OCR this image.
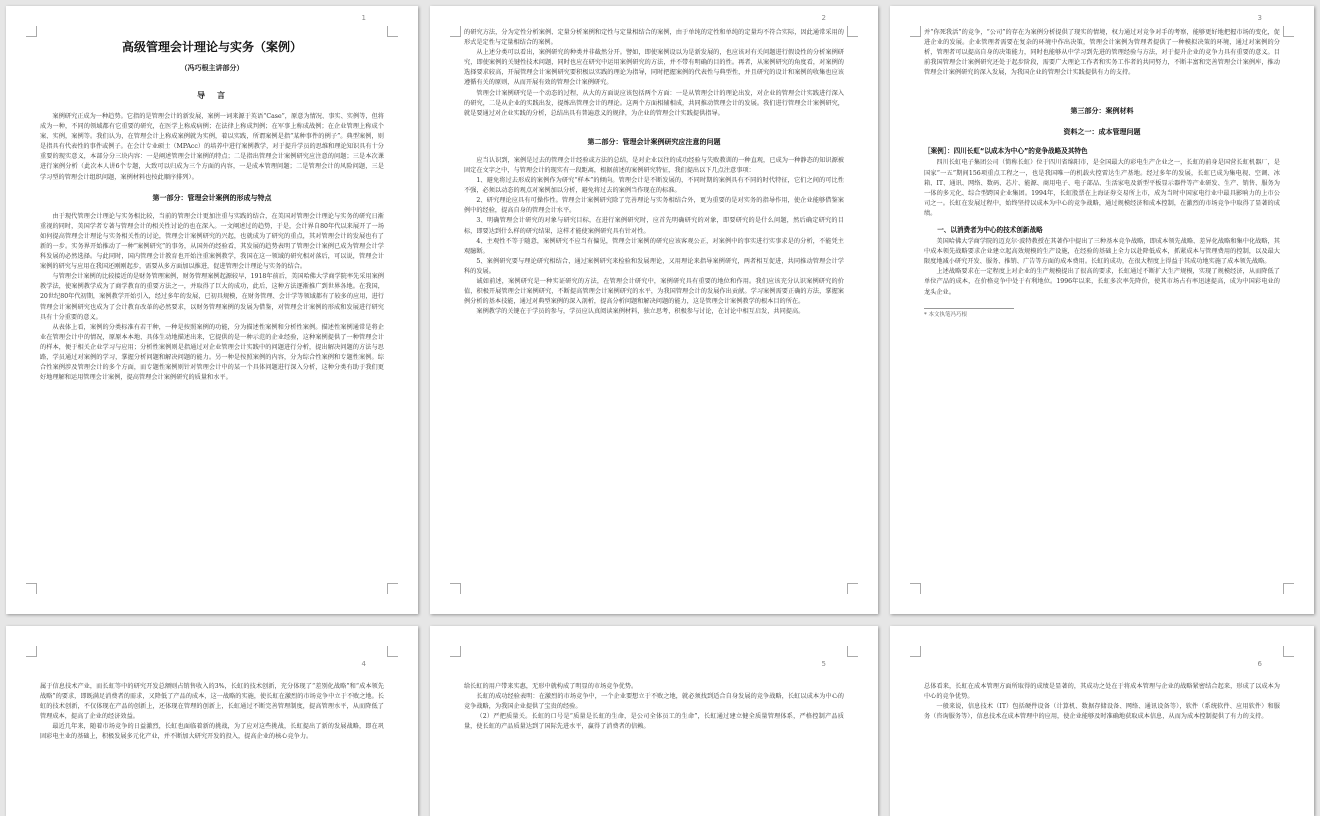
1
高级管理会计理论与实务（案例）
（冯巧根主讲部分）
导　言

案例研究正成为一种趋势。它指的是管理会计的新发展，案例一词来源于英语“Case”，原意为情况、事实、实例等，但将成为一种，不同的领域都有它重要的研究，在医学上称成病例；在法律上称成判例；在军事上称成战例；在企业管理上称成个案、实例，案例等。我们认为，在管理会计上称成案例就为实例，着以实践，所谓案例是指“某种事件的例子”。典型案例，则是指具有代表性的事件或例子。在会计专业硕士（MPAcc）的培养中进行案例教学，对于提升学员的思维和理论知识具有十分重要的现实意义，本部分分三块内容：一是阐述管理会计案例的特点；二是指出管理会计案例研究应注意的问题；三是本次课进行案例分析（此次本人讲6个专题，大致可以归成为三个方面的内容，一是成本管理问题；二是管理会计的风险问题，三是学习型的管理会计组织问题，案例材料也按此顺序排列）。

第一部分：管理会计案例的形成与特点

由于现代管理会计理论与实务相比较，当前的管理会计更加注重与实践的结合，在美国对管理会计理论与实务的研究日渐重视的同时，美国学者专著与管理会计的相关性讨论的也在深入。一文阐述过的趋势，于是，会计界自80年代以来展开了一场如何提高管理会计理论与实务相关性的讨论，管理会计案例研究的兴起，也就成为了研究的重点，其对管理会计的发展也有了新的一步。实务界开始推动了一种“案例研究”的事务，从国外的经验看，其发展的趋势表明了管理会计案例已成为管理会计学科发展的必然选择。与此同时，国内管理会计教育也开始注重案例教学，我国在这一领域的研究相对落后，可以说，管理会计案例的研究与应用在我国还刚刚起步，需要从多方面加以推进，促进管理会计理论与实务的结合。

与管理会计案例的比较接近的是财务管理案例，财务管理案例起源较早，1918年前后，美国哈佛大学商学院率先采用案例教学法，使案例教学成为了商学教育的重要方法之一，并取得了巨大的成功，此后，这种方法逐渐推广到世界各地。在我国，20世纪80年代初期，案例教学开始引入，经过多年的发展，已初具规模，在财务管理、会计学等领域都有了较多的应用，进行管理会计案例研究也成为了会计教育改革的必然要求，以财务管理案例的发展为借鉴，对管理会计案例的形成和发展进行研究具有十分重要的意义。

从表体上看，案例的分类标准有若干种，一种是按照案例的功能，分为描述性案例和分析性案例。描述性案例通常是将企业在管理会计中的情况，原原本本地、具体生动地描述出来，它提供的是一种示范的企业经验，这种案例提供了一种管理会计的样本，便于相关企业学习与应用；分析性案例则是指通过对企业管理会计实践中的问题进行分析，提出解决问题的方法与思路，学员通过对案例的学习，掌握分析问题和解决问题的能力。另一种是按照案例的内容，分为综合性案例和专题性案例。综合性案例涉及管理会计的多个方面，而专题性案例则针对管理会计中的某一个具体问题进行深入分析，这种分类有助于我们更好地理解和运用管理会计案例，提高管理会计案例研究的质量和水平。

2

的研究方法，分为定性分析案例、定量分析案例和定性与定量相结合的案例，由于单纯的定性和单纯的定量均不符合实际，因此通常采用的形式是定性与定量相结合的案例。

从上述分类可以看出，案例研究的种类并非截然分开。譬如，即使案例设以为是新发展的，也应该对有关问题进行假设性的分析案例研究，即使案例的关键性技术问题，同时也应在研究中运用案例研究的方法，并不带有明确的目的性。再者，从案例研究的角度看，对案例的选择要求较高，开展管理会计案例研究要积极以实践的理论为指导，同时把握案例的代表性与典型性，并且研究的设计和案例的收集也应该遵循有关的原则，从而开展有效的管理会计案例研究。

管理会计案例研究是一个动态的过程，从大的方面说应该包括两个方面：一是从管理会计的理论出发，对企业的管理会计实践进行深入的研究，二是从企业的实践出发，提炼出管理会计的理论。这两个方面相辅相成，共同推动管理会计的发展。我们进行管理会计案例研究，就是要通过对企业实践的分析，总结出具有普遍意义的规律，为企业的管理会计实践提供指导。

第二部分：管理会计案例研究应注意的问题

应当认识到，案例是过去的管理会计经验或方法的总结，是对企业以往的成功经验与失败教训的一种直观，已成为一种静态的知识源被固定在文字之中，与管理会计的现实有一段距离，根据前述的案例研究特征，我们提出以下几点注意事项：

1、避免将过去形成的案例作为研究“样本”的倾向。管理会计是不断发展的，不同时期的案例具有不同的时代特征，它们之间的可比性不强，必须以动态的观点对案例加以分析，避免将过去的案例当作现在的标准。

2、研究理论应具有可操作性。管理会计案例研究除了完善理论与实务相结合外，更为重要的是对实务的指导作用，使企业能够借鉴案例中的经验，提高自身的管理会计水平。

3、明确管理会计研究的对象与研究目标，在进行案例研究时，应首先明确研究的对象，即要研究的是什么问题，然后确定研究的目标，即要达到什么样的研究结果，这样才能使案例研究具有针对性。

4、主观性不等于随意，案例研究不应当有偏见，管理会计案例的研究应该客观公正，对案例中的事实进行实事求是的分析，不能凭主观臆断。

5、案例研究要与理论研究相结合，通过案例研究来检验和发展理论，又用理论来指导案例研究，两者相互促进，共同推动管理会计学科的发展。

诚如前述，案例研究是一种实证研究的方法，在管理会计研究中，案例研究具有重要的地位和作用。我们应该充分认识案例研究的价值，积极开展管理会计案例研究，不断提高管理会计案例研究的水平，为我国管理会计的发展作出贡献。学习案例需要正确的方法，掌握案例分析的基本技能，通过对典型案例的深入剖析，提高分析问题和解决问题的能力，这是管理会计案例教学的根本目的所在。

案例教学的关键在于学员的参与，学员应认真阅读案例材料，独立思考，积极参与讨论，在讨论中相互启发，共同提高。

3

并“你死我活”的竞争，“公司”的存在为案例分析提供了现实的情境，权力通过对竞争对手的考察，能够更好地把握市场的变化，促进企业的发展。企业管理者需要在复杂的环境中作出决策，管理会计案例为管理者提供了一种模拟决策的环境，通过对案例的分析，管理者可以提高自身的决策能力，同时也能够从中学习到先进的管理经验与方法，对于提升企业的竞争力具有重要的意义。目前我国管理会计案例研究还处于起步阶段，需要广大理论工作者和实务工作者的共同努力，不断丰富和完善管理会计案例库，推动管理会计案例研究的深入发展，为我国企业的管理会计实践提供有力的支持。

第三部分：案例材料
资料之一：成本管理问题
［案例］：四川长虹“以成本为中心”的竞争战略及其特色

四川长虹电子集团公司（简称长虹）位于四川省绵阳市，是全国最大的彩电生产企业之一，长虹的前身是国营长虹机器厂，是国家“一五”期间156项重点工程之一，也是我国唯一的机载火控雷达生产基地。经过多年的发展，长虹已成为集电视、空调、冰箱、IT、通讯、网络、数码、芯片、能源、商用电子、电子部品、生活家电及新型平板显示器件等产业研发、生产、销售、服务为一体的多元化、综合型跨国企业集团。1994年，长虹股票在上海证券交易所上市，成为当时中国家电行业中最具影响力的上市公司之一。长虹在发展过程中，始终坚持以成本为中心的竞争战略，通过规模经济和成本控制，在激烈的市场竞争中取得了显著的成绩。

一、以消费者为中心的技术创新战略

美国哈佛大学商学院的迈克尔·波特教授在其著作中提出了三种基本竞争战略，即成本领先战略、差异化战略和集中化战略，其中成本领先战略要求企业建立起高效规模的生产设施，在经验的基础上全力以赴降低成本，抓紧成本与管理费用的控制，以及最大限度地减小研究开发、服务、推销、广告等方面的成本费用。长虹的成功，在很大程度上得益于其成功地实施了成本领先战略。

上述战略要求在一定程度上对企业的生产规模提出了很高的要求，长虹通过不断扩大生产规模，实现了规模经济，从而降低了单位产品的成本，在价格竞争中处于有利地位。1996年以来，长虹多次率先降价，使其市场占有率迅速提高，成为中国彩电业的龙头企业。

* 本文执笔冯巧根
4

属于信息技术产业，而长虹等中的研究开发总额则占销售收入的3%，长虹的技术创新，充分体现了“差别化战略”和“成本领先战略”的要求，即既满足消费者的需求，又降低了产品的成本，这一战略的实施，使长虹在激烈的市场竞争中立于不败之地。长虹的技术创新，不仅体现在产品的创新上，还体现在管理的创新上，长虹通过不断完善管理制度，提高管理水平，从而降低了管理成本，提高了企业的经济效益。

最近几年来，随着市场竞争的日益激烈，长虹也面临着新的挑战，为了应对这些挑战，长虹提出了新的发展战略，即在巩固彩电主业的基础上，积极发展多元化产业，并不断加大研究开发的投入，提高企业的核心竞争力。

5

给长虹的用户带来实惠，无形中就构成了明显的市场竞争优势。

长虹的成功经验表明：在激烈的市场竞争中，一个企业要想立于不败之地，就必须找到适合自身发展的竞争战略，长虹以成本为中心的竞争战略，为我国企业提供了宝贵的经验。

（2）严把质量关。长虹的口号是“质量是长虹的生命，是公司全体员工的生命”，长虹通过建立健全质量管理体系，严格控制产品质量，使长虹的产品质量达到了国际先进水平，赢得了消费者的信赖。

6

总体看来，长虹在成本管理方面所取得的成绩是显著的，其成功之处在于将成本管理与企业的战略紧密结合起来，形成了以成本为中心的竞争优势。

一般来说，信息技术（IT）包括硬件设备（计算机、数据存储设备、网络、通讯设备等），软件（系统软件、应用软件）和服务（咨询服务等），信息技术在成本管理中的应用，使企业能够及时准确地获取成本信息，从而为成本控制提供了有力的支持。
